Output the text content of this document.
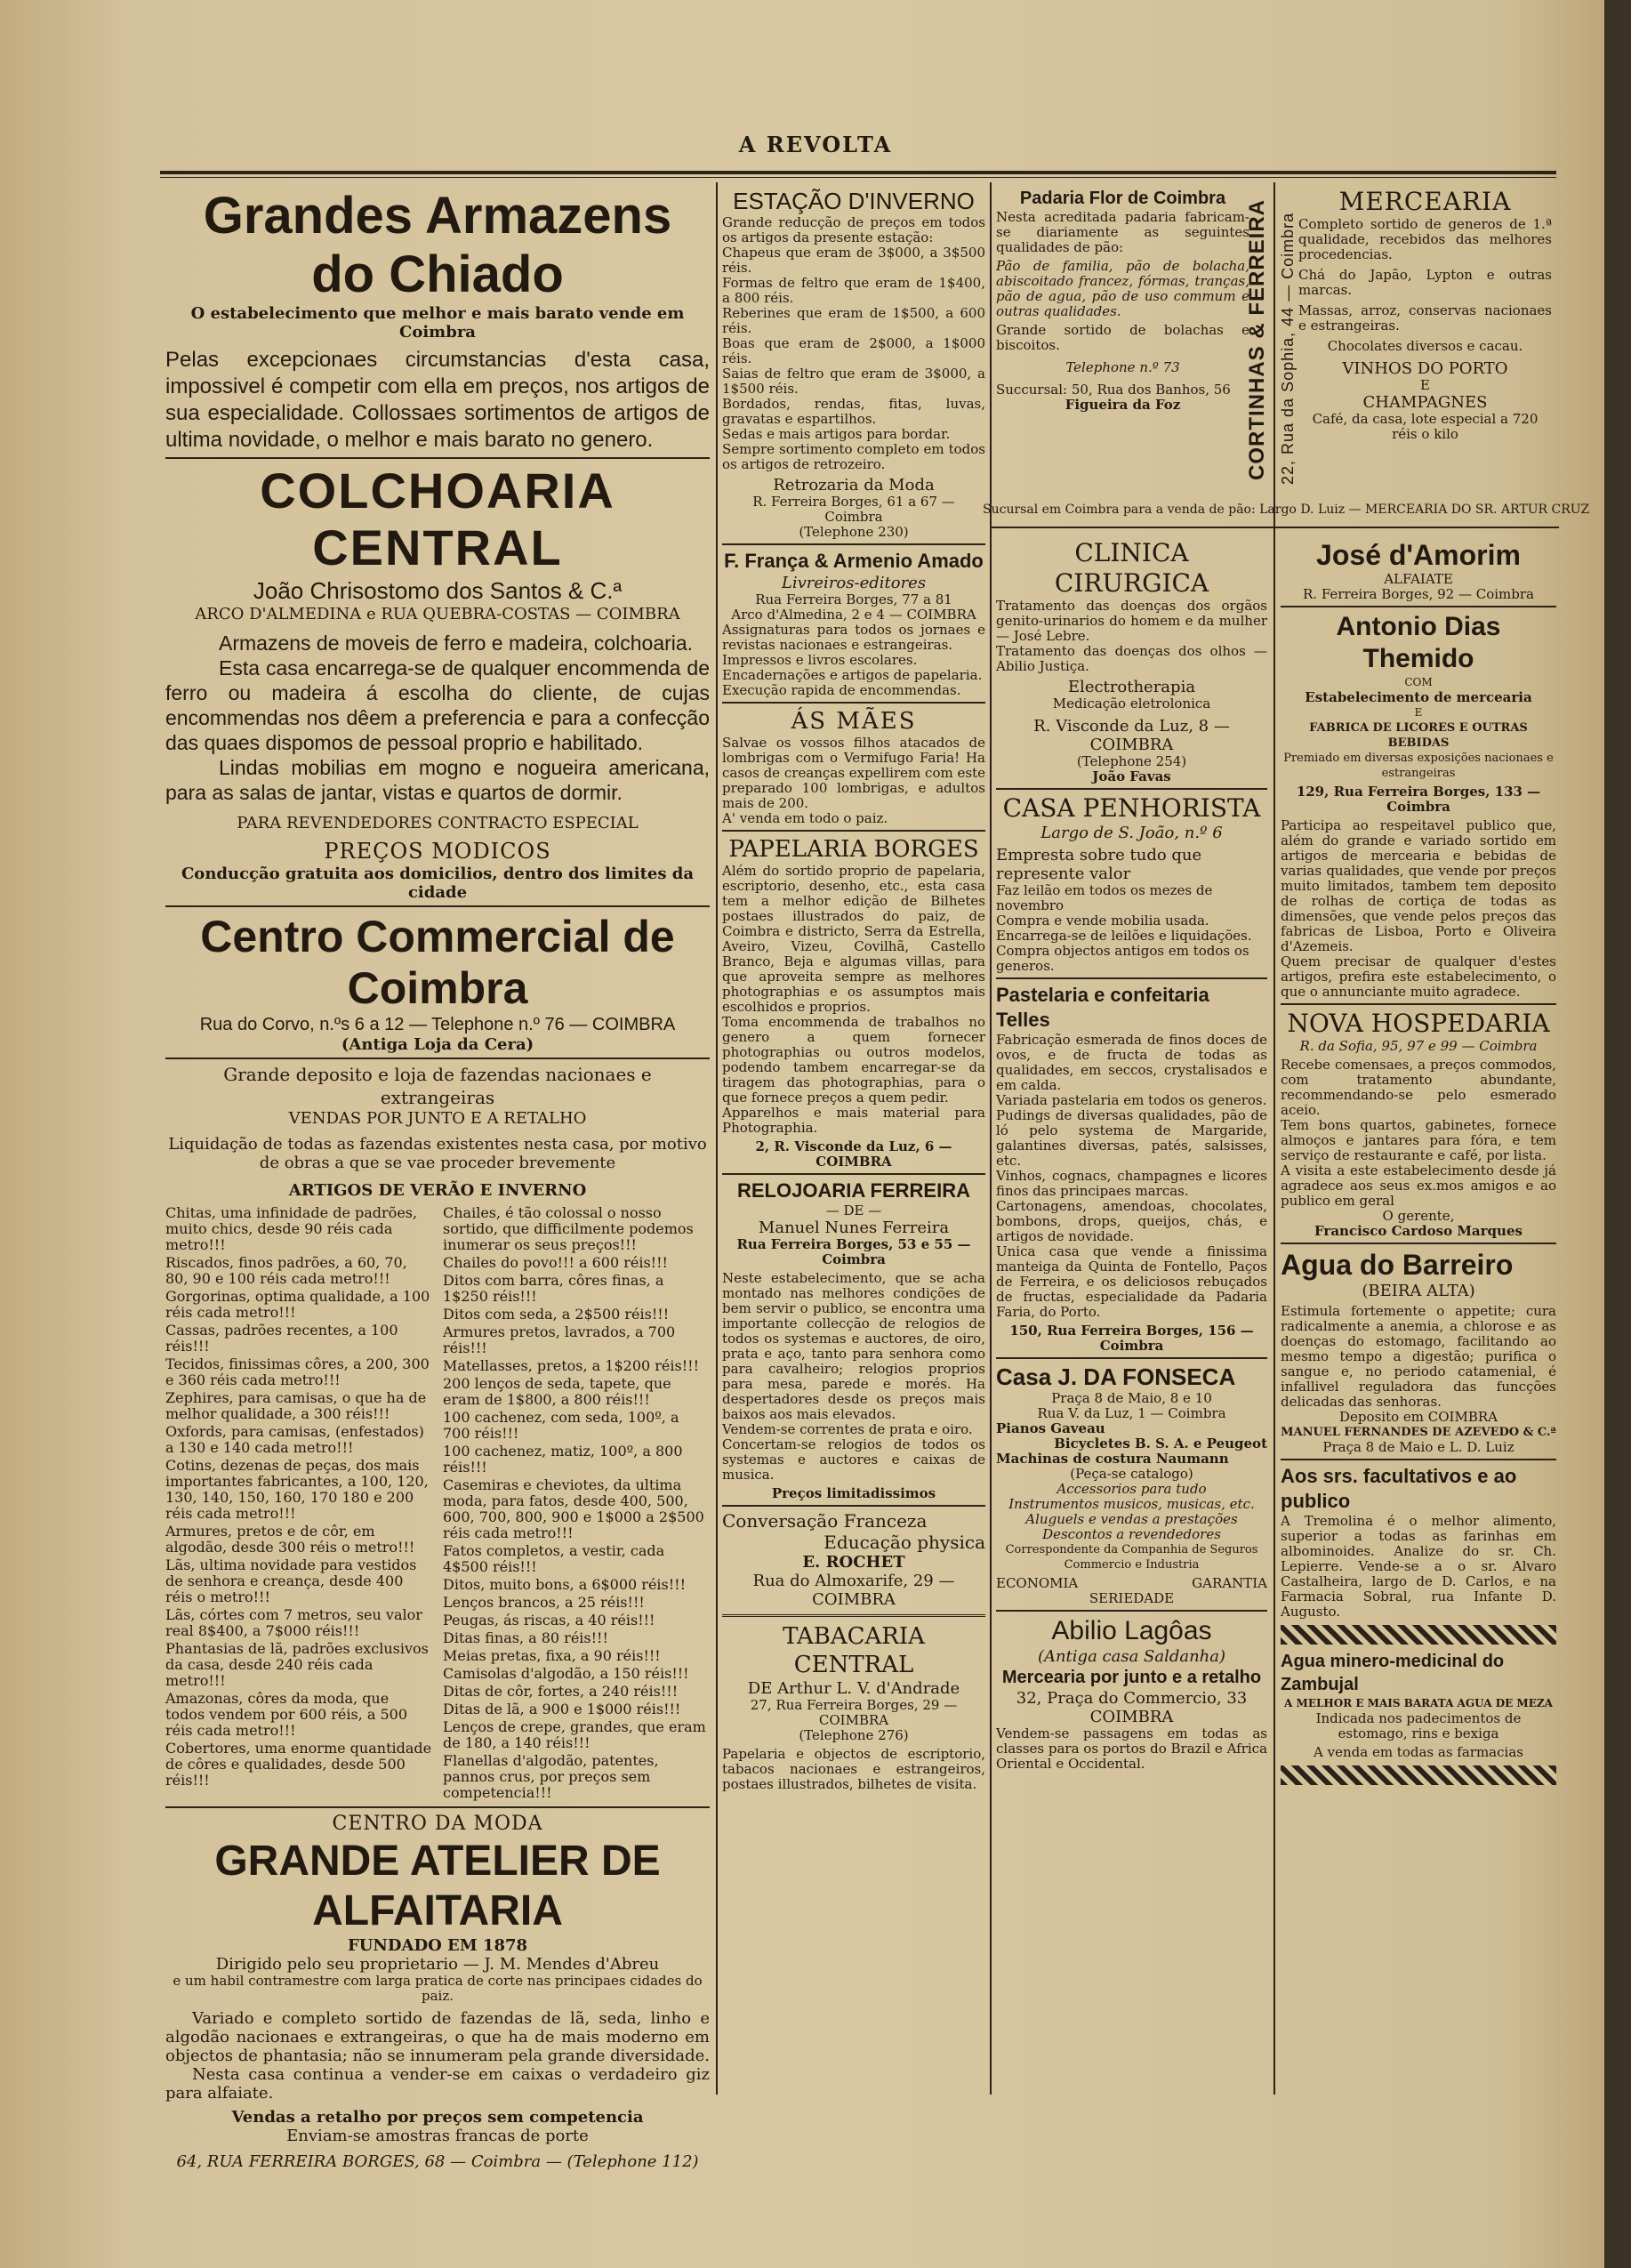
A REVOLTA

Grandes Armazens do Chiado

O estabelecimento que melhor e mais barato vende em Coimbra

Pelas excepcionaes circumstancias d'esta casa, impossivel é competir com ella em preços, nos artigos de sua especialidade. Collossaes sortimentos de artigos de ultima novidade, o melhor e mais barato no genero.

COLCHOARIA CENTRAL

João Chrisostomo dos Santos & C.ª

ARCO D'ALMEDINA e RUA QUEBRA-COSTAS — COIMBRA

Armazens de moveis de ferro e madeira, colchoaria.

Esta casa encarrega-se de qualquer encommenda de ferro ou madeira á escolha do cliente, de cujas encommendas nos dêem a preferencia e para a confecção das quaes dispomos de pessoal proprio e habilitado.

Lindas mobilias em mogno e nogueira americana, para as salas de jantar, vistas e quartos de dormir.

PARA REVENDEDORES CONTRACTO ESPECIAL

PREÇOS MODICOS

Conducção gratuita aos domicilios, dentro dos limites da cidade

Centro Commercial de Coimbra

Rua do Corvo, n.ºs 6 a 12 — Telephone n.º 76 — COIMBRA

(Antiga Loja da Cera)

Grande deposito e loja de fazendas nacionaes e extrangeiras

VENDAS POR JUNTO E A RETALHO

Liquidação de todas as fazendas existentes nesta casa, por motivo de obras a que se vae proceder brevemente

ARTIGOS DE VERÃO E INVERNO

Chitas, uma infinidade de padrões, muito chics, desde 90 réis cada metro!!!

Riscados, finos padrões, a 60, 70, 80, 90 e 100 réis cada metro!!!

Gorgorinas, optima qualidade, a 100 réis cada metro!!!

Cassas, padrões recentes, a 100 réis!!!

Tecidos, finissimas côres, a 200, 300 e 360 réis cada metro!!!

Zephires, para camisas, o que ha de melhor qualidade, a 300 réis!!!

Oxfords, para camisas, (enfestados) a 130 e 140 cada metro!!!

Cotins, dezenas de peças, dos mais importantes fabricantes, a 100, 120, 130, 140, 150, 160, 170 180 e 200 réis cada metro!!!

Armures, pretos e de côr, em algodão, desde 300 réis o metro!!!

Lãs, ultima novidade para vestidos de senhora e creança, desde 400 réis o metro!!!

Lãs, córtes com 7 metros, seu valor real 8$400, a 7$000 réis!!!

Phantasias de lã, padrões exclusivos da casa, desde 240 réis cada metro!!!

Amazonas, côres da moda, que todos vendem por 600 réis, a 500 réis cada metro!!!

Cobertores, uma enorme quantidade de côres e qualidades, desde 500 réis!!!

Chailes, é tão colossal o nosso sortido, que difficilmente podemos inumerar os seus preços!!!

Chailes do povo!!! a 600 réis!!!

Ditos com barra, côres finas, a 1$250 réis!!!

Ditos com seda, a 2$500 réis!!!

Armures pretos, lavrados, a 700 réis!!!

Matellasses, pretos, a 1$200 réis!!!

200 lenços de seda, tapete, que eram de 1$800, a 800 réis!!!

100 cachenez, com seda, 100º, a 700 réis!!!

100 cachenez, matiz, 100º, a 800 réis!!!

Casemiras e cheviotes, da ultima moda, para fatos, desde 400, 500, 600, 700, 800, 900 e 1$000 a 2$500 réis cada metro!!!

Fatos completos, a vestir, cada 4$500 réis!!!

Ditos, muito bons, a 6$000 réis!!!

Lenços brancos, a 25 réis!!!

Peugas, ás riscas, a 40 réis!!!

Ditas finas, a 80 réis!!!

Meias pretas, fixa, a 90 réis!!!

Camisolas d'algodão, a 150 réis!!!

Ditas de côr, fortes, a 240 réis!!!

Ditas de lã, a 900 e 1$000 réis!!!

Lenços de crepe, grandes, que eram de 180, a 140 réis!!!

Flanellas d'algodão, patentes, pannos crus, por preços sem competencia!!!

CENTRO DA MODA

GRANDE ATELIER DE ALFAITARIA

FUNDADO EM 1878

Dirigido pelo seu proprietario — J. M. Mendes d'Abreu

e um habil contramestre com larga pratica de corte nas principaes cidades do paiz.

Variado e completo sortido de fazendas de lã, seda, linho e algodão nacionaes e extrangeiras, o que ha de mais moderno em objectos de phantasia; não se innumeram pela grande diversidade.

Nesta casa continua a vender-se em caixas o verdadeiro giz para alfaiate.

Vendas a retalho por preços sem competencia

Enviam-se amostras francas de porte

64, RUA FERREIRA BORGES, 68 — Coimbra — (Telephone 112)

ESTAÇÃO D'INVERNO

Grande reducção de preços em todos os artigos da presente estação:

Chapeus que eram de 3$000, a 3$500 réis.

Formas de feltro que eram de 1$400, a 800 réis.

Reberines que eram de 1$500, a 600 réis.

Boas que eram de 2$000, a 1$000 réis.

Saias de feltro que eram de 3$000, a 1$500 réis.

Bordados, rendas, fitas, luvas, gravatas e espartilhos.

Sedas e mais artigos para bordar.

Sempre sortimento completo em todos os artigos de retrozeiro.

Retrozaria da Moda

R. Ferreira Borges, 61 a 67 — Coimbra

(Telephone 230)

F. França & Armenio Amado

Livreiros-editores

Rua Ferreira Borges, 77 a 81

Arco d'Almedina, 2 e 4 — COIMBRA

Assignaturas para todos os jornaes e revistas nacionaes e estrangeiras.

Impressos e livros escolares.

Encadernações e artigos de papelaria.

Execução rapida de encommendas.

ÁS MÃES

Salvae os vossos filhos atacados de lombrigas com o Vermifugo Faria! Ha casos de creanças expellirem com este preparado 100 lombrigas, e adultos mais de 200.

A' venda em todo o paiz.

PAPELARIA BORGES

Além do sortido proprio de papelaria, escriptorio, desenho, etc., esta casa tem a melhor edição de Bilhetes postaes illustrados do paiz, de Coimbra e districto, Serra da Estrella, Aveiro, Vizeu, Covilhã, Castello Branco, Beja e algumas villas, para que aproveita sempre as melhores photographias e os assumptos mais escolhidos e proprios.

Toma encommenda de trabalhos no genero a quem fornecer photographias ou outros modelos, podendo tambem encarregar-se da tiragem das photographias, para o que fornece preços a quem pedir.

Apparelhos e mais material para Photographia.

2, R. Visconde da Luz, 6 — COIMBRA

RELOJOARIA FERREIRA

— DE —

Manuel Nunes Ferreira

Rua Ferreira Borges, 53 e 55 — Coimbra

Neste estabelecimento, que se acha montado nas melhores condições de bem servir o publico, se encontra uma importante collecção de relogios de todos os systemas e auctores, de oiro, prata e aço, tanto para senhora como para cavalheiro; relogios proprios para mesa, parede e morés. Ha despertadores desde os preços mais baixos aos mais elevados.

Vendem-se correntes de prata e oiro.

Concertam-se relogios de todos os systemas e auctores e caixas de musica.

Preços limitadissimos

Conversação Franceza

Educação physica

E. ROCHET

Rua do Almoxarife, 29 — COIMBRA

TABACARIA CENTRAL

DE Arthur L. V. d'Andrade

27, Rua Ferreira Borges, 29 — COIMBRA

(Telephone 276)

Papelaria e objectos de escriptorio, tabacos nacionaes e estrangeiros, postaes illustrados, bilhetes de visita.

Padaria Flor de Coimbra

Nesta acreditada padaria fabricam-se diariamente as seguintes qualidades de pão:

Pão de familia, pão de bolacha, abiscoitado francez, fórmas, tranças, pão de agua, pão de uso commum e outras qualidades.

Grande sortido de bolachas e biscoitos.

Telephone n.º 73

Succursal: 50, Rua dos Banhos, 56

Figueira da Foz	CORTINHAS & FERREIRA 22, Rua da Sophia, 44 — Coimbra

Sucursal em Coimbra para a venda de pão: Largo D. Luiz — MERCEARIA DO SR. ARTUR CRUZ

CLINICA CIRURGICA

Tratamento das doenças dos orgãos genito-urinarios do homem e da mulher — José Lebre.

Tratamento das doenças dos olhos — Abilio Justiça.

Electrotherapia

Medicação eletrolonica

R. Visconde da Luz, 8 — COIMBRA

(Telephone 254)

João Favas

CASA PENHORISTA

Largo de S. João, n.º 6

Empresta sobre tudo que represente valor

Faz leilão em todos os mezes de novembro

Compra e vende mobilia usada.

Encarrega-se de leilões e liquidações.

Compra objectos antigos em todos os generos.

Pastelaria e confeitaria Telles

Fabricação esmerada de finos doces de ovos, e de fructa de todas as qualidades, em seccos, crystalisados e em calda.

Variada pastelaria em todos os generos.

Pudings de diversas qualidades, pão de ló pelo systema de Margaride, galantines diversas, patés, salsisses, etc.

Vinhos, cognacs, champagnes e licores finos das principaes marcas.

Cartonagens, amendoas, chocolates, bombons, drops, queijos, chás, e artigos de novidade.

Unica casa que vende a finissima manteiga da Quinta de Fontello, Paços de Ferreira, e os deliciosos rebuçados de fructas, especialidade da Padaria Faria, do Porto.

150, Rua Ferreira Borges, 156 — Coimbra

Casa J. DA FONSECA

Praça 8 de Maio, 8 e 10

Rua V. da Luz, 1 — Coimbra

Pianos Gaveau

Bicycletes B. S. A. e Peugeot

Machinas de costura Naumann

(Peça-se catalogo)

Accessorios para tudo

Instrumentos musicos, musicas, etc.

Aluguels e vendas a prestações

Descontos a revendedores

Correspondente da Companhia de Seguros Commercio e Industria

ECONOMIA	GARANTIA

SERIEDADE

Abilio Lagôas

(Antiga casa Saldanha)

Mercearia por junto e a retalho

32, Praça do Commercio, 33

COIMBRA

Vendem-se passagens em todas as classes para os portos do Brazil e Africa Oriental e Occidental.

MERCEARIA

Completo sortido de generos de 1.ª qualidade, recebidos das melhores procedencias.

Chá do Japão, Lypton e outras marcas.

Massas, arroz, conservas nacionaes e estrangeiras.

Chocolates diversos e cacau.

VINHOS DO PORTO

E

CHAMPAGNES

Café, da casa, lote especial a 720 réis o kilo

José d'Amorim

ALFAIATE

R. Ferreira Borges, 92 — Coimbra

Antonio Dias Themido

COM

Estabelecimento de mercearia

E

FABRICA DE LICORES E OUTRAS BEBIDAS

Premiado em diversas exposições nacionaes e estrangeiras

129, Rua Ferreira Borges, 133 — Coimbra

Participa ao respeitavel publico que, além do grande e variado sortido em artigos de mercearia e bebidas de varias qualidades, que vende por preços muito limitados, tambem tem deposito de rolhas de cortiça de todas as dimensões, que vende pelos preços das fabricas de Lisboa, Porto e Oliveira d'Azemeis.

Quem precisar de qualquer d'estes artigos, prefira este estabelecimento, o que o annunciante muito agradece.

NOVA HOSPEDARIA

R. da Sofia, 95, 97 e 99 — Coimbra

Recebe comensaes, a preços commodos, com tratamento abundante, recommendando-se pelo esmerado aceio.

Tem bons quartos, gabinetes, fornece almoços e jantares para fóra, e tem serviço de restaurante e café, por lista.

A visita a este estabelecimento desde já agradece aos seus ex.mos amigos e ao publico em geral

O gerente,

Francisco Cardoso Marques

Agua do Barreiro

(BEIRA ALTA)

Estimula fortemente o appetite; cura radicalmente a anemia, a chlorose e as doenças do estomago, facilitando ao mesmo tempo a digestão; purifica o sangue e, no periodo catamenial, é infallivel reguladora das funcções delicadas das senhoras.

Deposito em COIMBRA

MANUEL FERNANDES DE AZEVEDO & C.ª

Praça 8 de Maio e L. D. Luiz

Aos srs. facultativos e ao publico

A Tremolina é o melhor alimento, superior a todas as farinhas em albominoides. Analize do sr. Ch. Lepierre. Vende-se a o sr. Alvaro Castalheira, largo de D. Carlos, e na Farmacia Sobral, rua Infante D. Augusto.

Agua minero-medicinal do Zambujal

A MELHOR E MAIS BARATA AGUA DE MEZA

Indicada nos padecimentos de estomago, rins e bexiga

A venda em todas as farmacias
